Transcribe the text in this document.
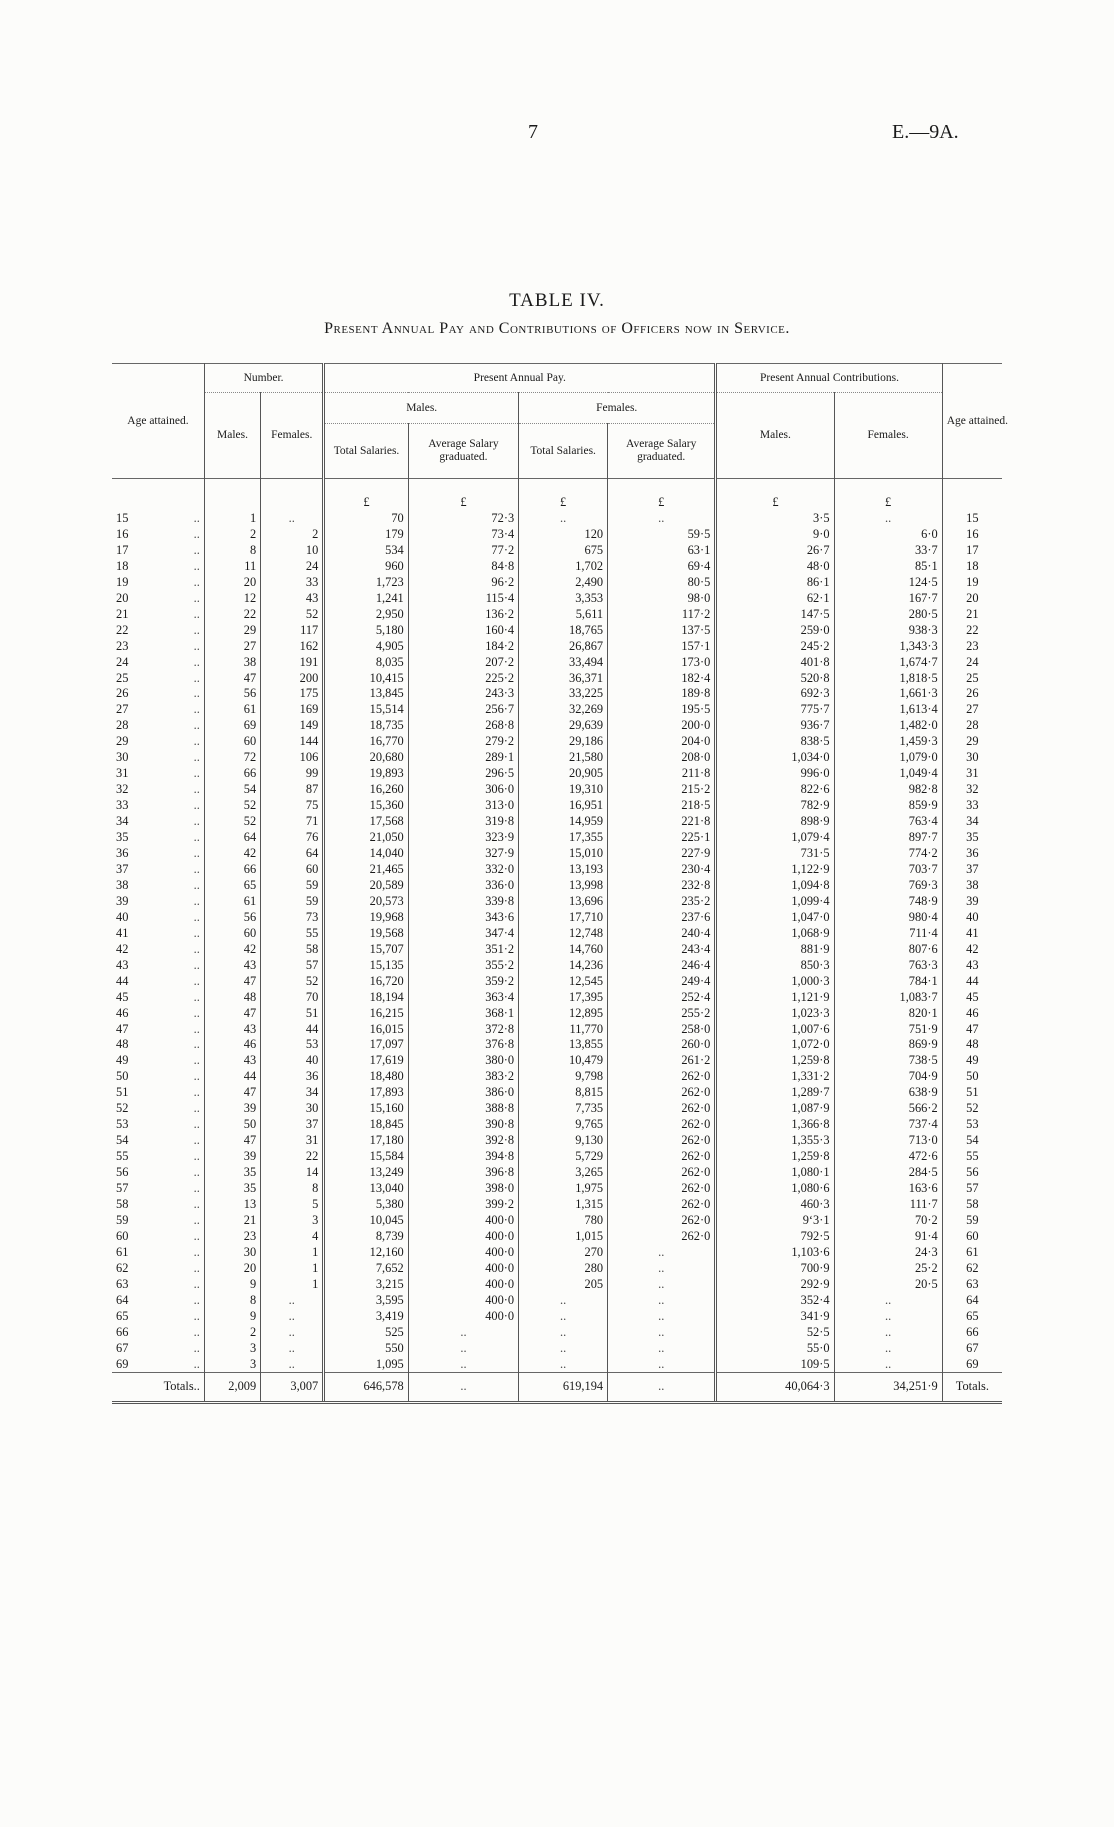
7	E.—9A.
TABLE IV.
Present Annual Pay and Contributions of Officers now in Service.
Age attained.	Number.		Present Annual Pay.				Present Annual Contributions.		Age attained.
	Males.	Females.	Males.		Females.		Males.	Females.	
			Total Salaries.	Average Salary graduated.	Total Salaries.	Average Salary graduated.			

			£	£	£	£	£	£	
15 ..	1	..	70	72·3	..	..	3·5	..	15
16 ..	2	2	179	73·4	120	59·5	9·0	6·0	16
17 ..	8	10	534	77·2	675	63·1	26·7	33·7	17
18 ..	11	24	960	84·8	1,702	69·4	48·0	85·1	18
19 ..	20	33	1,723	96·2	2,490	80·5	86·1	124·5	19
20 ..	12	43	1,241	115·4	3,353	98·0	62·1	167·7	20
21 ..	22	52	2,950	136·2	5,611	117·2	147·5	280·5	21
22 ..	29	117	5,180	160·4	18,765	137·5	259·0	938·3	22
23 ..	27	162	4,905	184·2	26,867	157·1	245·2	1,343·3	23
24 ..	38	191	8,035	207·2	33,494	173·0	401·8	1,674·7	24
25 ..	47	200	10,415	225·2	36,371	182·4	520·8	1,818·5	25
26 ..	56	175	13,845	243·3	33,225	189·8	692·3	1,661·3	26
27 ..	61	169	15,514	256·7	32,269	195·5	775·7	1,613·4	27
28 ..	69	149	18,735	268·8	29,639	200·0	936·7	1,482·0	28
29 ..	60	144	16,770	279·2	29,186	204·0	838·5	1,459·3	29
30 ..	72	106	20,680	289·1	21,580	208·0	1,034·0	1,079·0	30
31 ..	66	99	19,893	296·5	20,905	211·8	996·0	1,049·4	31
32 ..	54	87	16,260	306·0	19,310	215·2	822·6	982·8	32
33 ..	52	75	15,360	313·0	16,951	218·5	782·9	859·9	33
34 ..	52	71	17,568	319·8	14,959	221·8	898·9	763·4	34
35 ..	64	76	21,050	323·9	17,355	225·1	1,079·4	897·7	35
36 ..	42	64	14,040	327·9	15,010	227·9	731·5	774·2	36
37 ..	66	60	21,465	332·0	13,193	230·4	1,122·9	703·7	37
38 ..	65	59	20,589	336·0	13,998	232·8	1,094·8	769·3	38
39 ..	61	59	20,573	339·8	13,696	235·2	1,099·4	748·9	39
40 ..	56	73	19,968	343·6	17,710	237·6	1,047·0	980·4	40
41 ..	60	55	19,568	347·4	12,748	240·4	1,068·9	711·4	41
42 ..	42	58	15,707	351·2	14,760	243·4	881·9	807·6	42
43 ..	43	57	15,135	355·2	14,236	246·4	850·3	763·3	43
44 ..	47	52	16,720	359·2	12,545	249·4	1,000·3	784·1	44
45 ..	48	70	18,194	363·4	17,395	252·4	1,121·9	1,083·7	45
46 ..	47	51	16,215	368·1	12,895	255·2	1,023·3	820·1	46
47 ..	43	44	16,015	372·8	11,770	258·0	1,007·6	751·9	47
48 ..	46	53	17,097	376·8	13,855	260·0	1,072·0	869·9	48
49 ..	43	40	17,619	380·0	10,479	261·2	1,259·8	738·5	49
50 ..	44	36	18,480	383·2	9,798	262·0	1,331·2	704·9	50
51 ..	47	34	17,893	386·0	8,815	262·0	1,289·7	638·9	51
52 ..	39	30	15,160	388·8	7,735	262·0	1,087·9	566·2	52
53 ..	50	37	18,845	390·8	9,765	262·0	1,366·8	737·4	53
54 ..	47	31	17,180	392·8	9,130	262·0	1,355·3	713·0	54
55 ..	39	22	15,584	394·8	5,729	262·0	1,259·8	472·6	55
56 ..	35	14	13,249	396·8	3,265	262·0	1,080·1	284·5	56
57 ..	35	8	13,040	398·0	1,975	262·0	1,080·6	163·6	57
58 ..	13	5	5,380	399·2	1,315	262·0	460·3	111·7	58
59 ..	21	3	10,045	400·0	780	262·0	9ʻ3·1	70·2	59
60 ..	23	4	8,739	400·0	1,015	262·0	792·5	91·4	60
61 ..	30	1	12,160	400·0	270	..	1,103·6	24·3	61
62 ..	20	1	7,652	400·0	280	..	700·9	25·2	62
63 ..	9	1	3,215	400·0	205	..	292·9	20·5	63
64 ..	8	..	3,595	400·0	..	..	352·4	..	64
65 ..	9	..	3,419	400·0	..	..	341·9	..	65
66 ..	2	..	525	..	..	..	52·5	..	66
67 ..	3	..	550	..	..	..	55·0	..	67
69 ..	3	..	1,095	..	..	..	109·5	..	69
Totals..	2,009	3,007	646,578	..	619,194	..	40,064·3	34,251·9	Totals.
